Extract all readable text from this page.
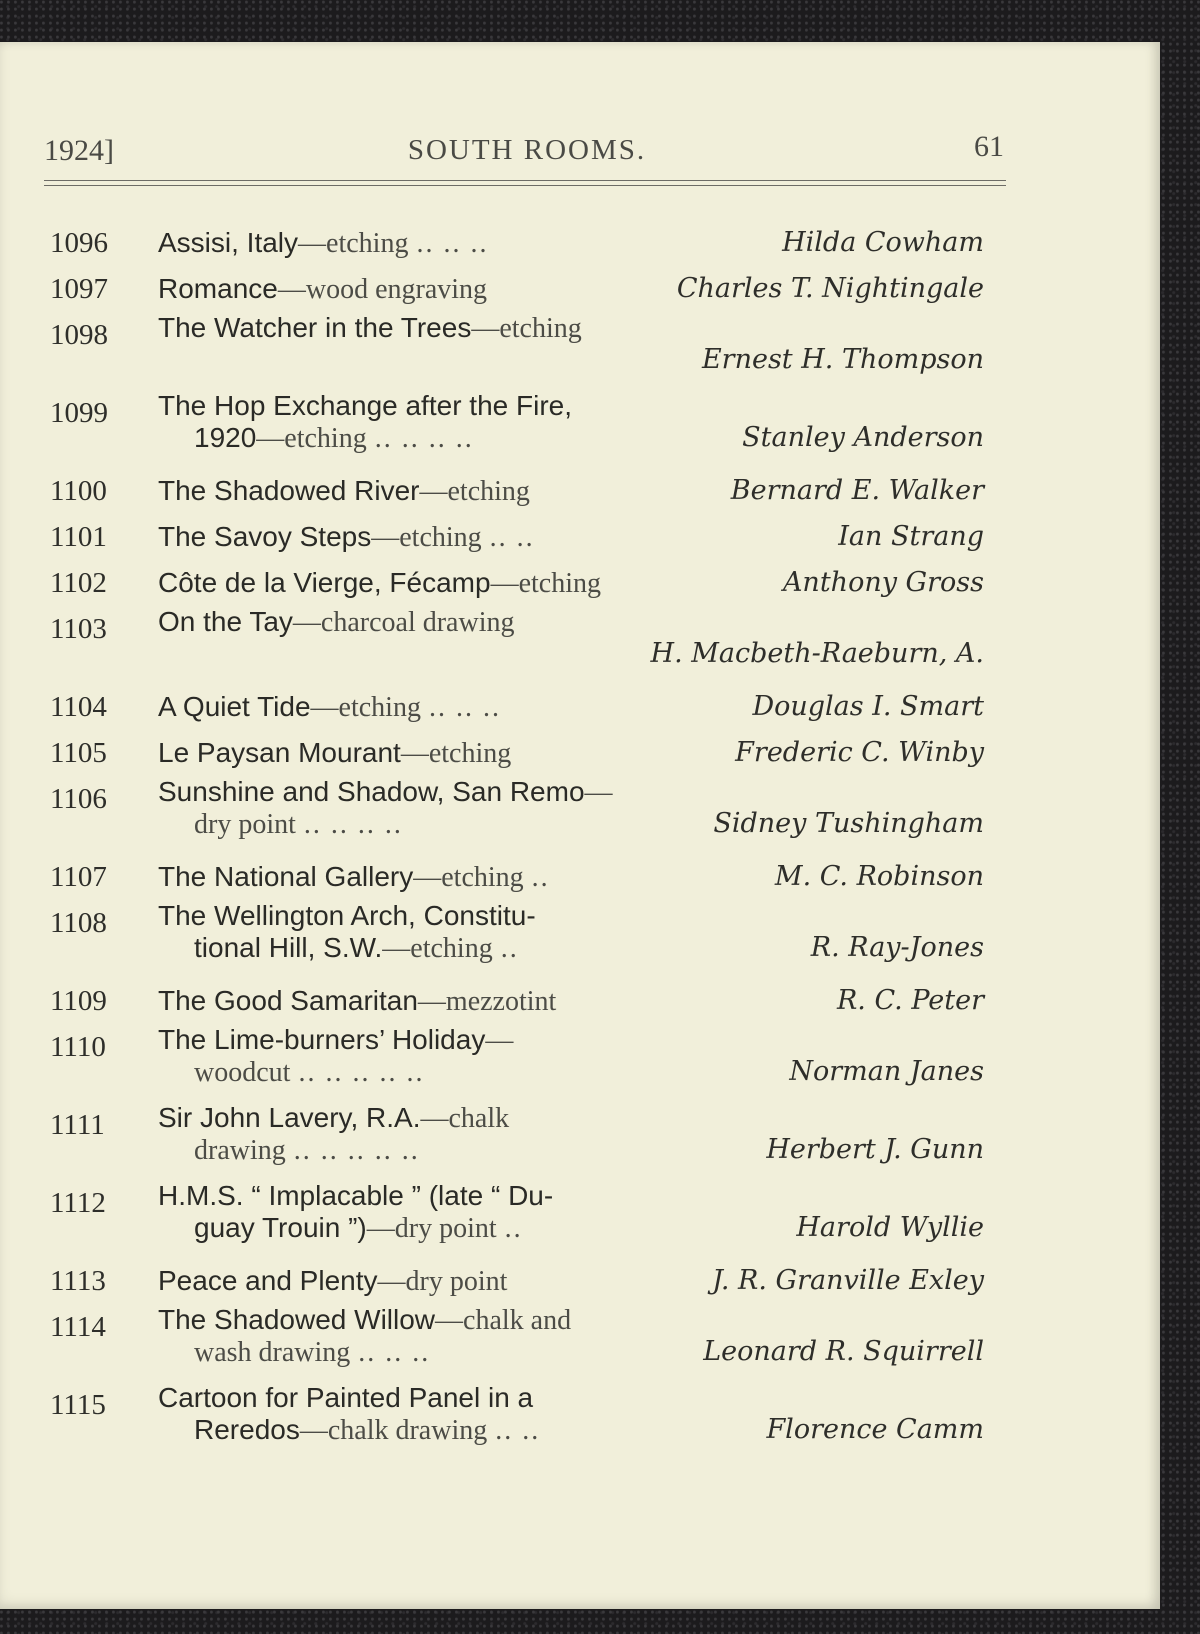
1924]	SOUTH ROOMS.	61
1096 Assisi, Italy—etching .. .. ..	Hilda Cowham
1097 Romance—wood engraving	Charles T. Nightingale
1098 The Watcher in the Trees—etching
Ernest H. Thompson
1099 The Hop Exchange after the Fire,
1920—etching .. .. .. ..	Stanley Anderson
1100 The Shadowed River—etching	Bernard E. Walker
1101 The Savoy Steps—etching .. ..	Ian Strang
1102 Côte de la Vierge, Fécamp—etching	Anthony Gross
1103 On the Tay—charcoal drawing
H. Macbeth-Raeburn, A.
1104 A Quiet Tide—etching .. .. ..	Douglas I. Smart
1105 Le Paysan Mourant—etching	Frederic C. Winby
1106 Sunshine and Shadow, San Remo—
dry point .. .. .. ..	Sidney Tushingham
1107 The National Gallery—etching ..	M. C. Robinson
1108 The Wellington Arch, Constitu-
tional Hill, S.W.—etching ..	R. Ray-Jones
1109 The Good Samaritan—mezzotint	R. C. Peter
1110 The Lime-burners’ Holiday—
woodcut .. .. .. .. ..	Norman Janes
1111 Sir John Lavery, R.A.—chalk
drawing .. .. .. .. ..	Herbert J. Gunn
1112 H.M.S. “ Implacable ” (late “ Du-
guay Trouin ”)—dry point ..	Harold Wyllie
1113 Peace and Plenty—dry point	J. R. Granville Exley
1114 The Shadowed Willow—chalk and
wash drawing .. .. ..	Leonard R. Squirrell
1115 Cartoon for Painted Panel in a
Reredos—chalk drawing .. ..	Florence Camm
